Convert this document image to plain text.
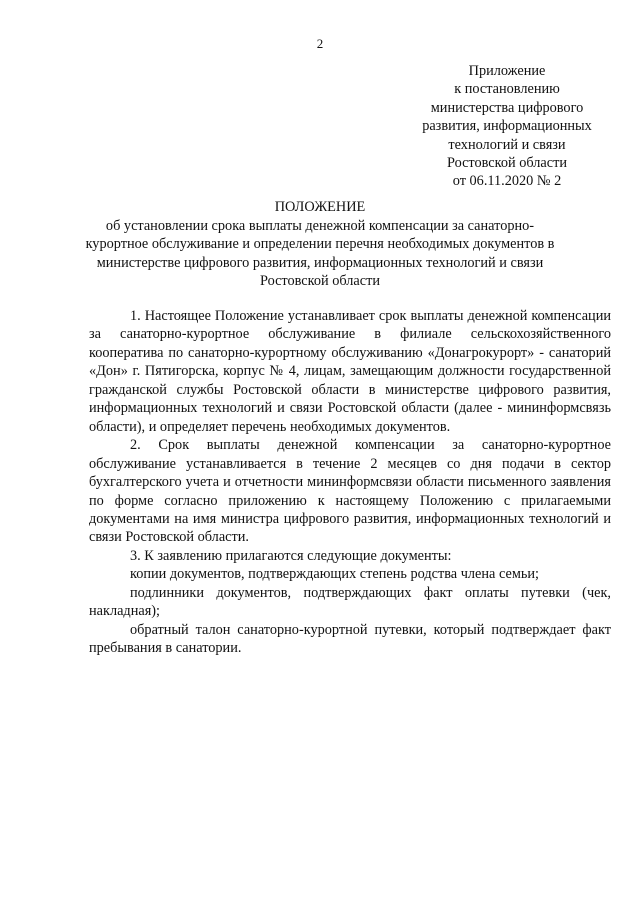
2
Приложение
к постановлению
министерства цифрового
развития, информационных
технологий и связи
Ростовской области
от 06.11.2020 № 2
ПОЛОЖЕНИЕ
об установлении срока выплаты денежной компенсации за санаторно-
курортное обслуживание и определении перечня необходимых документов в
министерстве цифрового развития, информационных технологий и связи
Ростовской области

1. Настоящее Положение устанавливает срок выплаты денежной компенсации за санаторно-курортное обслуживание в филиале сельскохозяйственного кооператива по санаторно-курортному обслуживанию «Донагрокурорт» - санаторий «Дон» г. Пятигорска, корпус № 4, лицам, замещающим должности государственной гражданской службы Ростовской области в министерстве цифрового развития, информационных технологий и связи Ростовской области (далее - мининформсвязь области), и определяет перечень необходимых документов.

2. Срок выплаты денежной компенсации за санаторно-курортное обслуживание устанавливается в течение 2 месяцев со дня подачи в сектор бухгалтерского учета и отчетности мининформсвязи области письменного заявления по форме согласно приложению к настоящему Положению с прилагаемыми документами на имя министра цифрового развития, информационных технологий и связи Ростовской области.

3. К заявлению прилагаются следующие документы:

копии документов, подтверждающих степень родства члена семьи;

подлинники документов, подтверждающих факт оплаты путевки (чек, накладная);

обратный талон санаторно-курортной путевки, который подтверждает факт пребывания в санатории.
